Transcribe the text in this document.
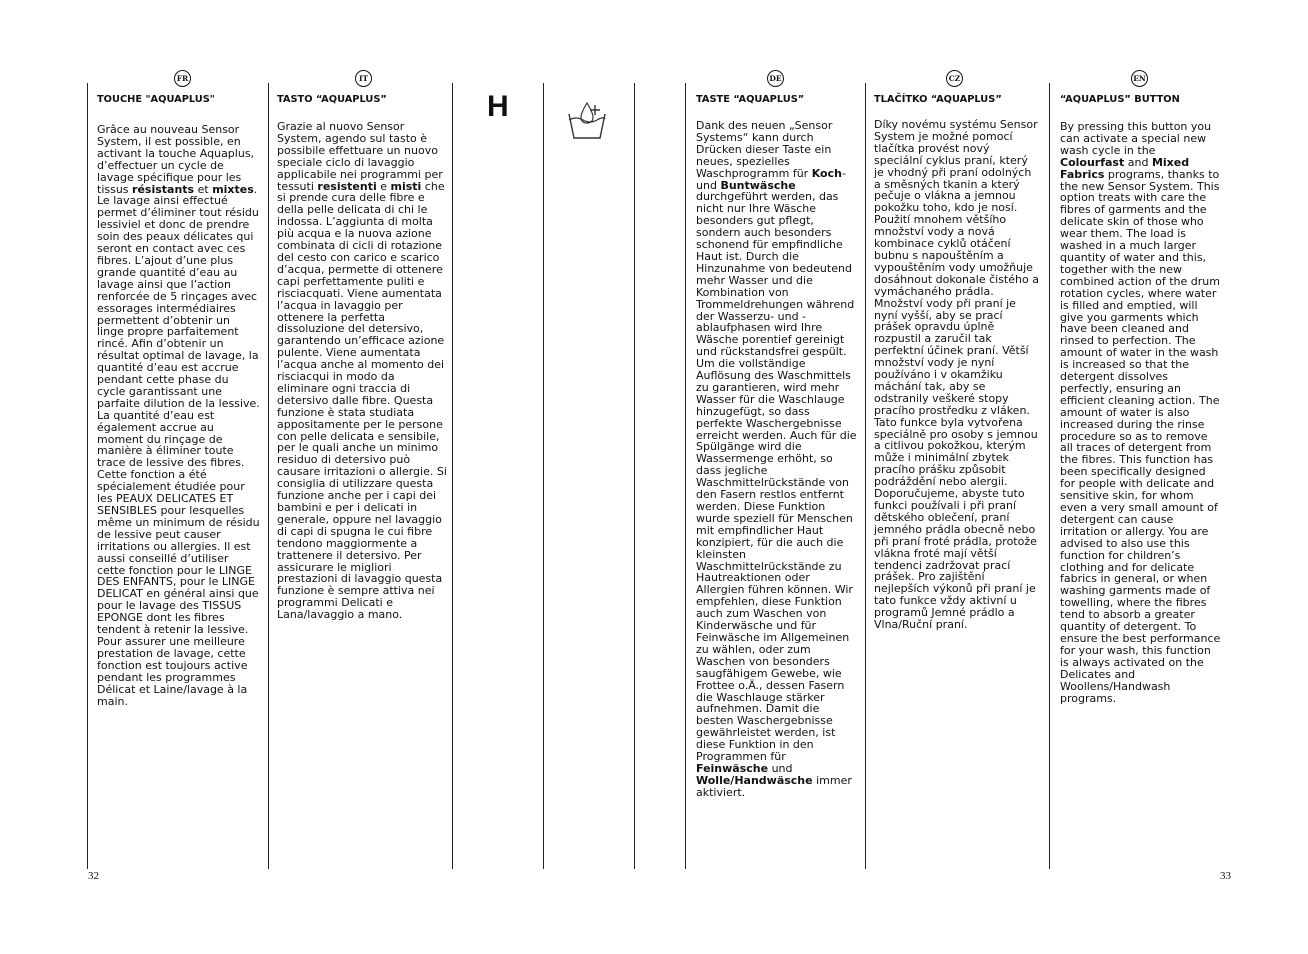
FR
TOUCHE "AQUAPLUS"
Grâce au nouveau Sensor System, il est possible, en activant la touche Aquaplus, d’effectuer un cycle de lavage spécifique pour les tissus résistants et mixtes. Le lavage ainsi effectué permet d’éliminer tout résidu lessiviel et donc de prendre soin des peaux délicates qui seront en contact avec ces fibres. L’ajout d’une plus grande quantité d’eau au lavage ainsi que l’action renforcée de 5 rinçages avec essorages intermédiaires permettent d’obtenir un linge propre parfaitement rincé. Afin d’obtenir un résultat optimal de lavage, la quantité d’eau est accrue pendant cette phase du cycle garantissant une parfaite dilution de la lessive. La quantité d’eau est également accrue au moment du rinçage de manière à éliminer toute trace de lessive des fibres. Cette fonction a été spécialement étudiée pour les PEAUX DELICATES ET SENSIBLES pour lesquelles même un minimum de résidu de lessive peut causer irritations ou allergies. Il est aussi conseillé d’utiliser cette fonction pour le LINGE DES ENFANTS, pour le LINGE DELICAT en général ainsi que pour le lavage des TISSUS EPONGE dont les fibres tendent à retenir la lessive. Pour assurer une meilleure prestation de lavage, cette fonction est toujours active pendant les programmes Délicat et Laine/lavage à la main.
IT
TASTO “AQUAPLUS”
Grazie al nuovo Sensor System, agendo sul tasto è possibile effettuare un nuovo speciale ciclo di lavaggio applicabile nei programmi per tessuti resistenti e misti che si prende cura delle fibre e della pelle delicata di chi le indossa. L’aggiunta di molta più acqua e la nuova azione combinata di cicli di rotazione del cesto con carico e scarico d’acqua, permette di ottenere capi perfettamente puliti e risciacquati. Viene aumentata l’acqua in lavaggio per ottenere la perfetta dissoluzione del detersivo, garantendo un’efficace azione pulente. Viene aumentata l’acqua anche al momento dei risciacqui in modo da eliminare ogni traccia di detersivo dalle fibre. Questa funzione è stata studiata appositamente per le persone con pelle delicata e sensibile, per le quali anche un minimo residuo di detersivo può causare irritazioni o allergie. Si consiglia di utilizzare questa funzione anche per i capi dei bambini e per i delicati in generale, oppure nel lavaggio di capi di spugna le cui fibre tendono maggiormente a trattenere il detersivo. Per assicurare le migliori prestazioni di lavaggio questa funzione è sempre attiva nei programmi Delicati e Lana/lavaggio a mano.
H
DE
TASTE “AQUAPLUS”
Dank des neuen „Sensor Systems“ kann durch Drücken dieser Taste ein neues, spezielles Waschprogramm für Koch- und Buntwäsche durchgeführt werden, das nicht nur Ihre Wäsche besonders gut pflegt, sondern auch besonders schonend für empfindliche Haut ist. Durch die Hinzunahme von bedeutend mehr Wasser und die Kombination von Trommeldrehungen während der Wasserzu- und -ablaufphasen wird Ihre Wäsche porentief gereinigt und rückstandsfrei gespült. Um die vollständige Auflösung des Waschmittels zu garantieren, wird mehr Wasser für die Waschlauge hinzugefügt, so dass perfekte Waschergebnisse erreicht werden. Auch für die Spülgänge wird die Wassermenge erhöht, so dass jegliche Waschmittelrückstände von den Fasern restlos entfernt werden. Diese Funktion wurde speziell für Menschen mit empfindlicher Haut konzipiert, für die auch die kleinsten Waschmittelrückstände zu Hautreaktionen oder Allergien führen können. Wir empfehlen, diese Funktion auch zum Waschen von Kinderwäsche und für Feinwäsche im Allgemeinen zu wählen, oder zum Waschen von besonders saugfähigem Gewebe, wie Frottee o.Ä., dessen Fasern die Waschlauge stärker aufnehmen. Damit die besten Waschergebnisse gewährleistet werden, ist diese Funktion in den Programmen für Feinwäsche und Wolle/Handwäsche immer aktiviert.
CZ
TLAČÍTKO “AQUAPLUS”
Díky novému systému Sensor System je možné pomocí tlačítka provést nový speciální cyklus praní, který je vhodný při praní odolných a směsných tkanin a který pečuje o vlákna a jemnou pokožku toho, kdo je nosí. Použití mnohem většího množství vody a nová kombinace cyklů otáčení bubnu s napouštěním a vypouštěním vody umožňuje dosáhnout dokonale čistého a vymáchaného prádla. Množství vody při praní je nyní vyšší, aby se prací prášek opravdu úplně rozpustil a zaručil tak perfektní účinek praní. Větší množství vody je nyní používáno i v okamžiku máchání tak, aby se odstranily veškeré stopy pracího prostředku z vláken. Tato funkce byla vytvořena speciálně pro osoby s jemnou a citlivou pokožkou, kterým může i minimální zbytek pracího prášku způsobit podráždění nebo alergii. Doporučujeme, abyste tuto funkci používali i při praní dětského oblečení, praní jemného prádla obecně nebo při praní froté prádla, protože vlákna froté mají větší tendenci zadržovat prací prášek. Pro zajištění nejlepších výkonů při praní je tato funkce vždy aktivní u programů Jemné prádlo a Vlna/Ruční praní.
EN
“AQUAPLUS” BUTTON
By pressing this button you can activate a special new wash cycle in the Colourfast and Mixed Fabrics programs, thanks to the new Sensor System. This option treats with care the fibres of garments and the delicate skin of those who wear them. The load is washed in a much larger quantity of water and this, together with the new combined action of the drum rotation cycles, where water is filled and emptied, will give you garments which have been cleaned and rinsed to perfection. The amount of water in the wash is increased so that the detergent dissolves perfectly, ensuring an efficient cleaning action. The amount of water is also increased during the rinse procedure so as to remove all traces of detergent from the fibres. This function has been specifically designed for people with delicate and sensitive skin, for whom even a very small amount of detergent can cause irritation or allergy. You are advised to also use this function for children’s clothing and for delicate fabrics in general, or when washing garments made of towelling, where the fibres tend to absorb a greater quantity of detergent. To ensure the best performance for your wash, this function is always activated on the Delicates and Woollens/Handwash programs.
32	33
